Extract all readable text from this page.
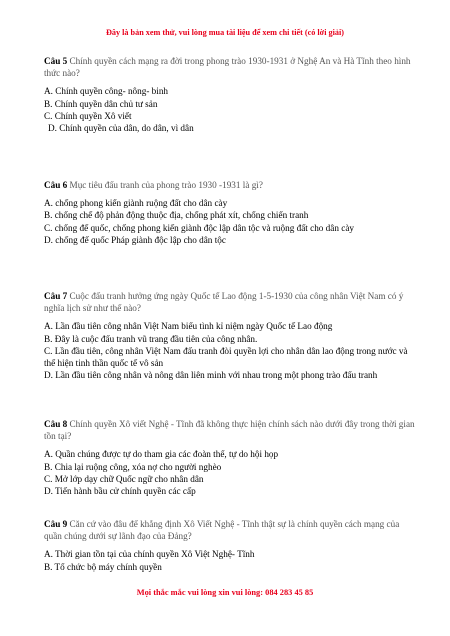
Đây là bản xem thử, vui lòng mua tài liệu để xem chi tiết (có lời giải)

Câu 5 Chính quyền cách mạng ra đời trong phong trào 1930-1931 ở Nghệ An và Hà Tĩnh theo hình thức nào?

A. Chính quyền công- nông- binh

B. Chính quyền dân chủ tư sản

C. Chính quyền Xô viết

D. Chính quyền của dân, do dân, vì dân

Câu 6 Mục tiêu đấu tranh của phong trào 1930 -1931 là gì?

A. chống phong kiến giành ruộng đất cho dân cày

B. chống chế độ phản động thuộc địa, chống phát xít, chống chiến tranh

C. chống đế quốc, chống phong kiến giành độc lập dân tộc và ruộng đất cho dân cày

D. chống đế quốc Pháp giành độc lập cho dân tộc

Câu 7 Cuộc đấu tranh hưởng ứng ngày Quốc tế Lao động 1-5-1930 của công nhân Việt Nam có ý nghĩa lịch sử như thế nào?

A. Lần đầu tiên công nhân Việt Nam biểu tình kỉ niệm ngày Quốc tế Lao động

B. Đây là cuộc đấu tranh vũ trang đầu tiên của công nhân.

C. Lần đầu tiên, công nhân Việt Nam đấu tranh đòi quyền lợi cho nhân dân lao động trong nước và thể hiện tinh thần quốc tế vô sản

D. Lần đầu tiên công nhân và nông dân liên minh với nhau trong một phong trào đấu tranh

Câu 8 Chính quyền Xô viết Nghệ - Tĩnh đã không thực hiện chính sách nào dưới đây trong thời gian tồn tại?

A. Quần chúng được tự do tham gia các đoàn thể, tự do hội họp

B. Chia lại ruộng công, xóa nợ cho người nghèo

C. Mở lớp dạy chữ Quốc ngữ cho nhân dân

D. Tiến hành bầu cử chính quyền các cấp

Câu 9 Căn cứ vào đâu để khẳng định Xô Viết Nghệ - Tĩnh thật sự là chính quyền cách mạng của quần chúng dưới sự lãnh đạo của Đảng?

A. Thời gian tồn tại của chính quyền Xô Việt Nghệ- Tĩnh

B. Tổ chức bộ máy chính quyền

Mọi thắc mắc vui lòng xin vui lòng: 084 283 45 85
